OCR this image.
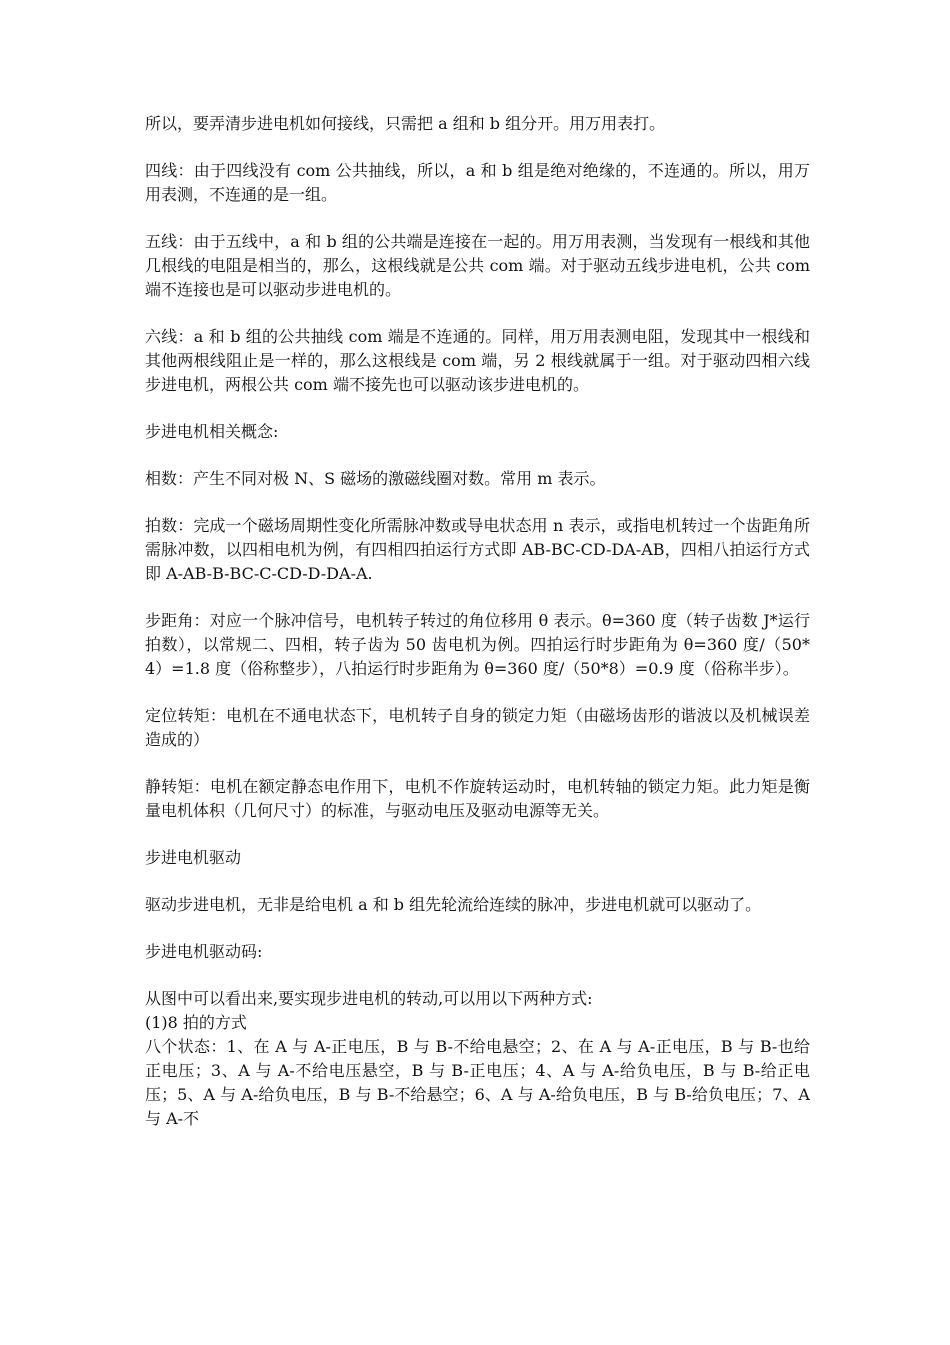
所以，要弄清步进电机如何接线，只需把 a 组和 b 组分开。用万用表打。

四线：由于四线没有 com 公共抽线，所以，a 和 b 组是绝对绝缘的，不连通的。所以，用万用表测，不连通的是一组。

五线：由于五线中，a 和 b 组的公共端是连接在一起的。用万用表测，当发现有一根线和其他几根线的电阻是相当的，那么，这根线就是公共 com 端。对于驱动五线步进电机，公共 com 端不连接也是可以驱动步进电机的。

六线：a 和 b 组的公共抽线 com 端是不连通的。同样，用万用表测电阻，发现其中一根线和其他两根线阻止是一样的，那么这根线是 com 端，另 2 根线就属于一组。对于驱动四相六线步进电机，两根公共 com 端不接先也可以驱动该步进电机的。

步进电机相关概念:

相数：产生不同对极 N、S 磁场的激磁线圈对数。常用 m 表示。

拍数：完成一个磁场周期性变化所需脉冲数或导电状态用 n 表示，或指电机转过一个齿距角所需脉冲数，以四相电机为例，有四相四拍运行方式即 AB-BC-CD-DA-AB，四相八拍运行方式即 A-AB-B-BC-C-CD-D-DA-A.

步距角：对应一个脉冲信号，电机转子转过的角位移用 θ 表示。θ=360 度（转子齿数 J*运行拍数），以常规二、四相，转子齿为 50 齿电机为例。四拍运行时步距角为 θ=360 度/（50*4）=1.8 度（俗称整步），八拍运行时步距角为 θ=360 度/（50*8）=0.9 度（俗称半步）。

定位转矩：电机在不通电状态下，电机转子自身的锁定力矩（由磁场齿形的谐波以及机械误差造成的）

静转矩：电机在额定静态电作用下，电机不作旋转运动时，电机转轴的锁定力矩。此力矩是衡量电机体积（几何尺寸）的标准，与驱动电压及驱动电源等无关。

步进电机驱动

驱动步进电机，无非是给电机 a 和 b 组先轮流给连续的脉冲，步进电机就可以驱动了。

步进电机驱动码:

从图中可以看出来,要实现步进电机的转动,可以用以下两种方式:

(1)8 拍的方式

八个状态：1、在 A 与 A-正电压，B 与 B-不给电悬空；2、在 A 与 A-正电压，B 与 B-也给正电压；3、A 与 A-不给电压悬空，B 与 B-正电压；4、A 与 A-给负电压，B 与 B-给正电压；5、A 与 A-给负电压，B 与 B-不给悬空；6、A 与 A-给负电压，B 与 B-给负电压；7、A 与 A-不
